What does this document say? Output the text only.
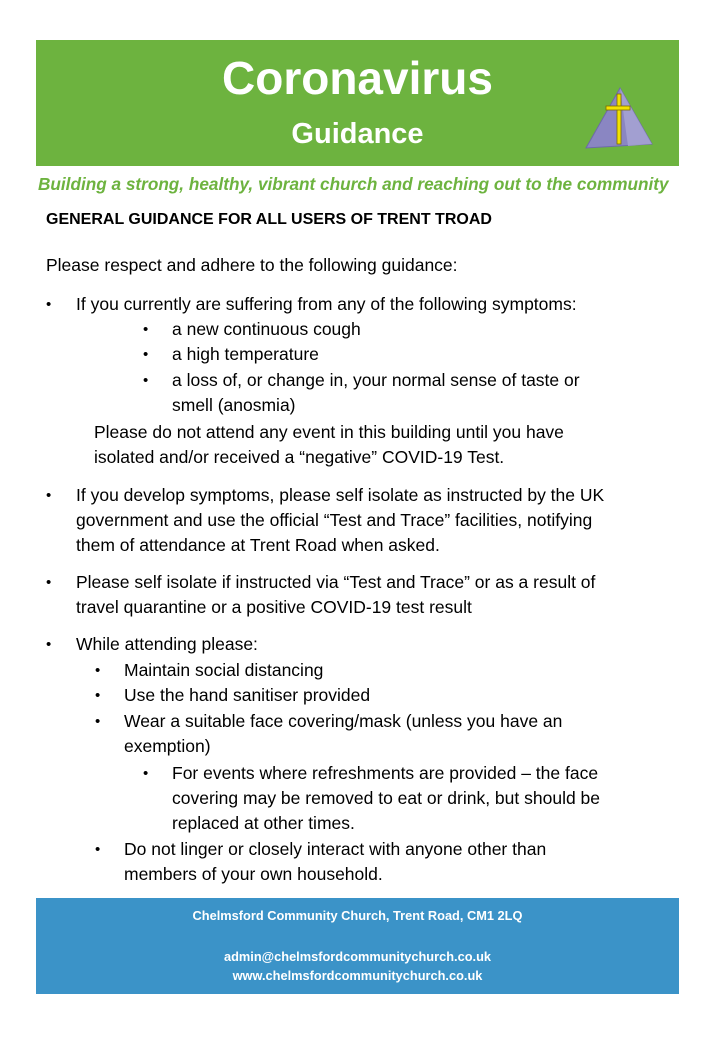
Coronavirus
Guidance
Building a strong, healthy, vibrant church and reaching out to the community
GENERAL GUIDANCE FOR ALL USERS OF TRENT TROAD
Please respect and adhere to the following guidance:
• If you currently are suffering from any of the following symptoms:
• a new continuous cough
• a high temperature
• a loss of, or change in, your normal sense of taste or
smell (anosmia)
Please do not attend any event in this building until you have
isolated and/or received a “negative” COVID-19 Test.
• If you develop symptoms, please self isolate as instructed by the UK
government and use the official “Test and Trace” facilities, notifying
them of attendance at Trent Road when asked.
• Please self isolate if instructed via “Test and Trace” or as a result of
travel quarantine or a positive COVID-19 test result
• While attending please:
• Maintain social distancing
• Use the hand sanitiser provided
• Wear a suitable face covering/mask (unless you have an
exemption)
• For events where refreshments are provided – the face
covering may be removed to eat or drink, but should be
replaced at other times.
• Do not linger or closely interact with anyone other than
members of your own household.
Chelmsford Community Church, Trent Road, CM1 2LQ
admin@chelmsfordcommunitychurch.co.uk
www.chelmsfordcommunitychurch.co.uk
